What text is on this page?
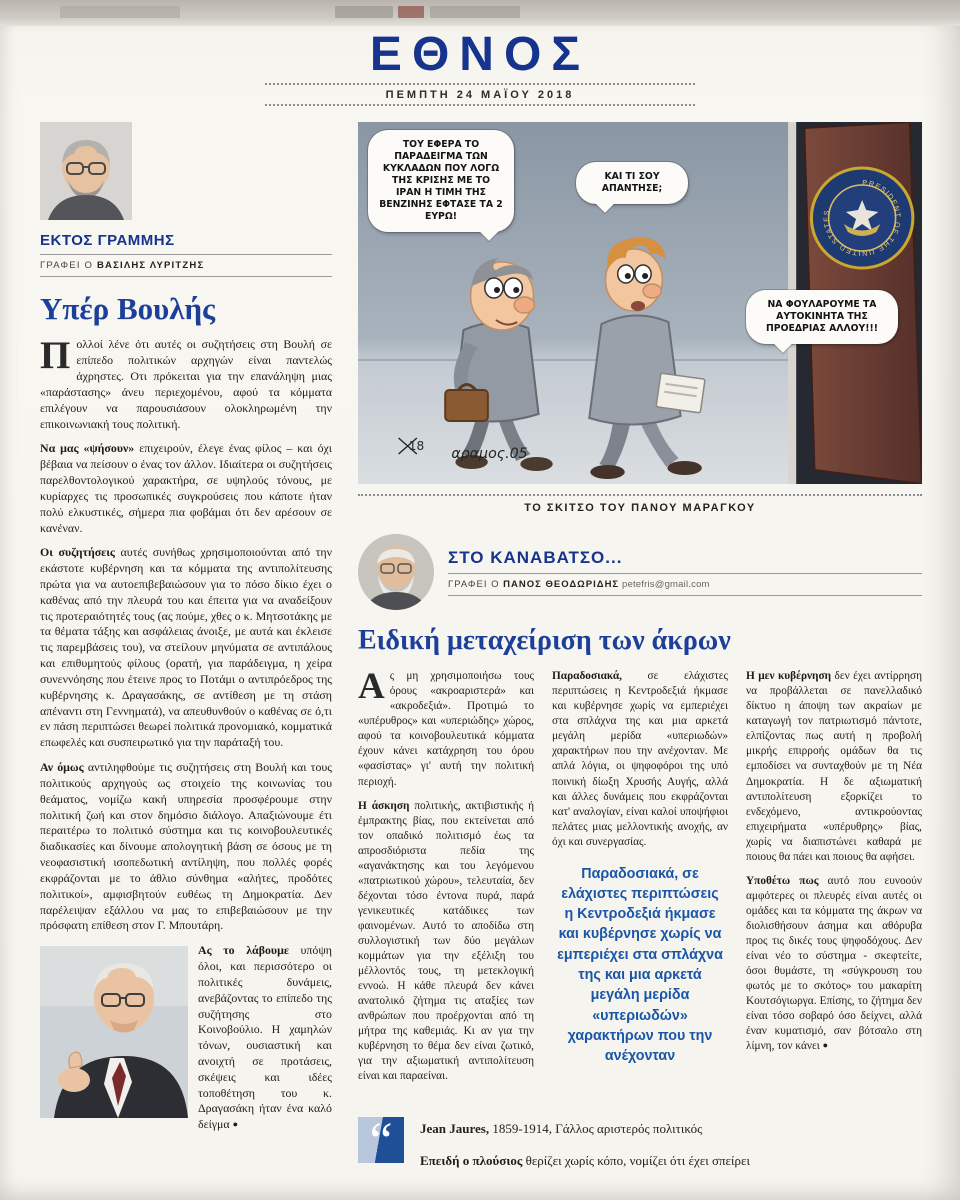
ΕΘΝΟΣ
ΠΕΜΠΤΗ 24 ΜΑΪΟΥ 2018
ΕΚΤΟΣ ΓΡΑΜΜΗΣ
ΓΡΑΦΕΙ Ο ΒΑΣΙΛΗΣ ΛΥΡΙΤΖΗΣ
Υπέρ Βουλής

Πολλοί λένε ότι αυτές οι συζητήσεις στη Βουλή σε επίπεδο πολιτικών αρχηγών είναι παντελώς άχρηστες. Οτι πρόκειται για την επανάληψη μιας «παράστασης» άνευ περιεχομένου, αφού τα κόμματα επιλέγουν να παρουσιάσουν ολοκληρωμένη την επικοινωνιακή τους πολιτική.

Να μας «ψήσουν» επιχειρούν, έλεγε ένας φίλος – και όχι βέβαια να πείσουν ο ένας τον άλλον. Ιδιαίτερα οι συζητήσεις παρελθοντολογικού χαρακτήρα, σε υψηλούς τόνους, με κυρίαρχες τις προσωπικές συγκρούσεις που κάποτε ήταν πολύ ελκυστικές, σήμερα πια φοβάμαι ότι δεν αρέσουν σε κανέναν.

Οι συζητήσεις αυτές συνήθως χρησιμοποιούνται από την εκάστοτε κυβέρνηση και τα κόμματα της αντιπολίτευσης πρώτα για να αυτοεπιβεβαιώσουν για το πόσο δίκιο έχει ο καθένας από την πλευρά του και έπειτα για να αναδείξουν τις προτεραιότητές τους (ας πούμε, χθες ο κ. Μητσοτάκης με τα θέματα τάξης και ασφάλειας άνοιξε, με αυτά και έκλεισε τις παρεμβάσεις του), να στείλουν μηνύματα σε αντιπάλους και επιθυμητούς φίλους (ορατή, για παράδειγμα, η χείρα συνεννόησης που έτεινε προς το Ποτάμι ο αντιπρόεδρος της κυβέρνησης κ. Δραγασάκης, σε αντίθεση με τη στάση απέναντι στη Γεννηματά), να απευθυνθούν ο καθένας σε ό,τι εν πάση περιπτώσει θεωρεί πολιτικά προνομιακό, κομματικά επωφελές και συσπειρωτικό για την παράταξή του.

Αν όμως αντιληφθούμε τις συζητήσεις στη Βουλή και τους πολιτικούς αρχηγούς ως στοιχείο της κοινωνίας του θεάματος, νομίζω κακή υπηρεσία προσφέρουμε στην πολιτική ζωή και στον δημόσιο διάλογο. Απαξιώνουμε έτι περαιτέρω το πολιτικό σύστημα και τις κοινοβουλευτικές διαδικασίες και δίνουμε απολογητική βάση σε όσους με τη νεοφασιστική ισοπεδωτική αντίληψη, που πολλές φορές εκφράζονται με το άθλιο σύνθημα «αλήτες, προδότες πολιτικοί», αμφισβητούν ευθέως τη Δημοκρατία. Δεν παρέλειψαν εξάλλου να μας το επιβεβαιώσουν με την πρόσφατη επίθεση στον Γ. Μπουτάρη.

Ας το λάβουμε υπόψη όλοι, και περισσότερο οι πολιτικές δυνάμεις, ανεβάζοντας το επίπεδο της συζήτησης στο Κοινοβούλιο. Η χαμηλών τόνων, ουσιαστική και ανοιχτή σε προτάσεις, σκέψεις και ιδέες τοποθέτηση του κ. Δραγασάκη ήταν ένα καλό δείγμα ●

PRESIDENT OF THE UNITED STATES
18
αραμος.05
ΤΟΥ ΕΦΕΡΑ ΤΟ ΠΑΡΑΔΕΙΓΜΑ ΤΩΝ ΚΥΚΛΑΔΩΝ ΠΟΥ ΛΟΓΩ ΤΗΣ ΚΡΙΣΗΣ ΜΕ ΤΟ ΙΡΑΝ Η ΤΙΜΗ ΤΗΣ ΒΕΝΖΙΝΗΣ ΕΦΤΑΣΕ ΤΑ 2 ΕΥΡΩ!
ΚΑΙ ΤΙ ΣΟΥ ΑΠΑΝΤΗΣΕ;
ΝΑ ΦΟΥΛΑΡΟΥΜΕ ΤΑ ΑΥΤΟΚΙΝΗΤΑ ΤΗΣ ΠΡΟΕΔΡΙΑΣ ΑΛΛΟΥ!!!
ΤΟ ΣΚΙΤΣΟ ΤΟΥ ΠΑΝΟΥ ΜΑΡΑΓΚΟΥ
ΣΤΟ ΚΑΝΑΒΑΤΣΟ...
ΓΡΑΦΕΙ Ο ΠΑΝΟΣ ΘΕΟΔΩΡΙΔΗΣ petefris@gmail.com
Ειδική μεταχείριση των άκρων

Ας μη χρησιμοποιήσω τους όρους «ακροαριστερά» και «ακροδεξιά». Προτιμώ το «υπέρυθρος» και «υπεριώδης» χώρος, αφού τα κοινοβουλευτικά κόμματα έχουν κάνει κατάχρηση του όρου «φασίστας» γι' αυτή την πολιτική περιοχή.

Η άσκηση πολιτικής, ακτιβιστικής ή έμπρακτης βίας, που εκτείνεται από τον οπαδικό πολιτισμό έως τα απροσδιόριστα πεδία της «αγανάκτησης και του λεγόμενου «πατριωτικού χώρου», τελευταία, δεν δέχονται τόσο έντονα πυρά, παρά γενικευτικές κατάδικες των φαινομένων. Αυτό το αποδίδω στη συλλογιστική των δύο μεγάλων κομμάτων για την εξέλιξη του μέλλοντός τους, τη μετεκλογική εννοώ. Η κάθε πλευρά δεν κάνει ανατολικό ζήτημα τις αταξίες των ανθρώπων που προέρχονται από τη μήτρα της καθεμιάς. Κι αν για την κυβέρνηση το θέμα δεν είναι ζωτικό, για την αξιωματική αντιπολίτευση είναι και παραείναι.

Παραδοσιακά, σε ελάχιστες περιπτώσεις η Κεντροδεξιά ήκμασε και κυβέρνησε χωρίς να εμπεριέχει στα σπλάχνα της και μια αρκετά μεγάλη μερίδα «υπεριωδών» χαρακτήρων που την ανέχονταν. Με απλά λόγια, οι ψηφοφόροι της υπό ποινική δίωξη Χρυσής Αυγής, αλλά και άλλες δυνάμεις που εκφράζονται κατ' αναλογίαν, είναι καλοί υποψήφιοι πελάτες μιας μελλοντικής ανοχής, αν όχι και συνεργασίας.

Παραδοσιακά, σε ελάχιστες περιπτώσεις η Κεντροδεξιά ήκμασε και κυβέρνησε χωρίς να εμπεριέχει στα σπλάχνα της και μια αρκετά μεγάλη μερίδα «υπεριωδών» χαρακτήρων που την ανέχονταν

Η μεν κυβέρνηση δεν έχει αντίρρηση να προβάλλεται σε πανελλαδικό δίκτυο η άποψη των ακραίων με καταγωγή τον πατριωτισμό πάντοτε, ελπίζοντας πως αυτή η προβολή μικρής επιρροής ομάδων θα τις εμποδίσει να συνταχθούν με τη Νέα Δημοκρατία. Η δε αξιωματική αντιπολίτευση εξορκίζει το ενδεχόμενο, αντικρούοντας επιχειρήματα «υπέρυθρης» βίας, χωρίς να διαπιστώνει καθαρά με ποιους θα πάει και ποιους θα αφήσει.

Υποθέτω πως αυτό που ευνοούν αμφότερες οι πλευρές είναι αυτές οι ομάδες και τα κόμματα της άκρων να διολισθήσουν άσημα και αθόρυβα προς τις δικές τους ψηφοδόχους. Δεν είναι νέο το σύστημα - σκεφτείτε, όσοι θυμάστε, τη «σύγκρουση του φωτός με το σκότος» του μακαρίτη Κουτσόγιωργα. Επίσης, το ζήτημα δεν είναι τόσο σοβαρό όσο δείχνει, αλλά έναν κυματισμό, σαν βότσαλο στη λίμνη, τον κάνει ●

“ Jean Jaures, 1859-1914, Γάλλος αριστερός πολιτικός
Επειδή ο πλούσιος θερίζει χωρίς κόπο, νομίζει ότι έχει σπείρει
